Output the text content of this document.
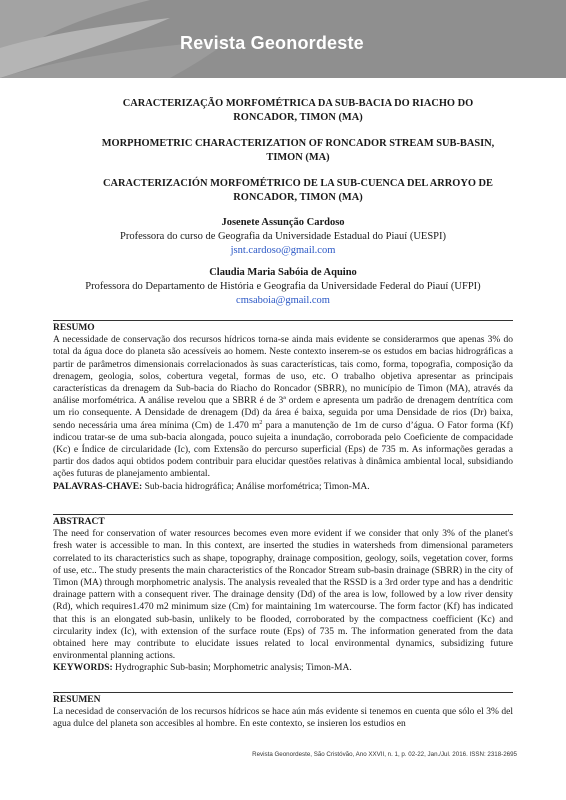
Revista Geonordeste

CARACTERIZAÇÃO MORFOMÉTRICA DA SUB-BACIA DO RIACHO DO RONCADOR, TIMON (MA)

MORPHOMETRIC CHARACTERIZATION OF RONCADOR STREAM SUB-BASIN, TIMON (MA)

CARACTERIZACIÓN MORFOMÉTRICO DE LA SUB-CUENCA DEL ARROYO DE RONCADOR, TIMON (MA)

Josenete Assunção Cardoso
Professora do curso de Geografia da Universidade Estadual do Piauí (UESPI)
jsnt.cardoso@gmail.com
Claudia Maria Sabóia de Aquino
Professora do Departamento de História e Geografia da Universidade Federal do Piauí (UFPI)
cmsaboia@gmail.com
RESUMO
A necessidade de conservação dos recursos hídricos torna-se ainda mais evidente se considerarmos que apenas 3% do total da água doce do planeta são acessíveis ao homem. Neste contexto inserem-se os estudos em bacias hidrográficas a partir de parâmetros dimensionais correlacionados às suas características, tais como, forma, topografia, composição da drenagem, geologia, solos, cobertura vegetal, formas de uso, etc. O trabalho objetiva apresentar as principais características da drenagem da Sub-bacia do Riacho do Roncador (SBRR), no município de Timon (MA), através da análise morfométrica. A análise revelou que a SBRR é de 3ª ordem e apresenta um padrão de drenagem dentrítica com um rio consequente. A Densidade de drenagem (Dd) da área é baixa, seguida por uma Densidade de rios (Dr) baixa, sendo necessária uma área mínima (Cm) de 1.470 $m^2$ para a manutenção de 1m de curso d’água. O Fator forma (Kf) indicou tratar-se de uma sub-bacia alongada, pouco sujeita a inundação, corroborada pelo Coeficiente de compacidade (Kc) e Índice de circularidade (Ic), com Extensão do percurso superficial (Eps) de 735 m. As informações geradas a partir dos dados aqui obtidos podem contribuir para elucidar questões relativas à dinâmica ambiental local, subsidiando ações futuras de planejamento ambiental.
PALAVRAS-CHAVE: Sub-bacia hidrográfica; Análise morfométrica; Timon-MA.
ABSTRACT
The need for conservation of water resources becomes even more evident if we consider that only 3% of the planet's fresh water is accessible to man. In this context, are inserted the studies in watersheds from dimensional parameters correlated to its characteristics such as shape, topography, drainage composition, geology, soils, vegetation cover, forms of use, etc.. The study presents the main characteristics of the Roncador Stream sub-basin drainage (SBRR) in the city of Timon (MA) through morphometric analysis. The analysis revealed that the RSSD is a 3rd order type and has a dendritic drainage pattern with a consequent river. The drainage density (Dd) of the area is low, followed by a low river density (Rd), which requires1.470 m2 minimum size (Cm) for maintaining 1m watercourse. The form factor (Kf) has indicated that this is an elongated sub-basin, unlikely to be flooded, corroborated by the compactness coefficient (Kc) and circularity index (Ic), with extension of the surface route (Eps) of 735 m. The information generated from the data obtained here may contribute to elucidate issues related to local environmental dynamics, subsidizing future environmental planning actions.
KEYWORDS: Hydrographic Sub-basin; Morphometric analysis; Timon-MA.
RESUMEN
La necesidad de conservación de los recursos hídricos se hace aún más evidente si tenemos en cuenta que sólo el 3% del agua dulce del planeta son accesibles al hombre. En este contexto, se insieren los estudios en
Revista Geonordeste, São Cristóvão, Ano XXVII, n. 1, p. 02-22, Jan./Jul. 2016. ISSN: 2318-2695
